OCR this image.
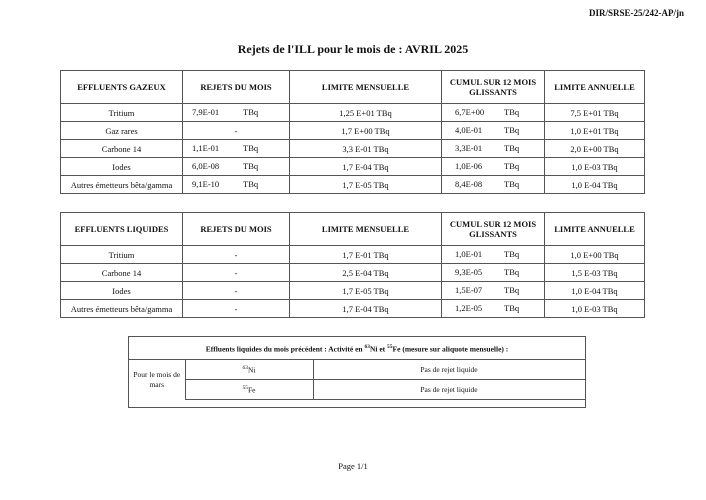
DIR/SRSE-25/242-AP/jn
Rejets de l'ILL pour le mois de : AVRIL 2025
EFFLUENTS GAZEUX	REJETS DU MOIS	LIMITE MENSUELLE	CUMUL SUR 12 MOIS GLISSANTS	LIMITE ANNUELLE
Tritium	7,9E-01 TBq	1,25 E+01 TBq	6,7E+00 TBq	7,5 E+01 TBq
Gaz rares	-	1,7 E+00 TBq	4,0E-01 TBq	1,0 E+01 TBq
Carbone 14	1,1E-01 TBq	3,3 E-01 TBq	3,3E-01 TBq	2,0 E+00 TBq
Iodes	6,0E-08 TBq	1,7 E-04 TBq	1,0E-06 TBq	1,0 E-03 TBq
Autres émetteurs bêta/gamma	9,1E-10 TBq	1,7 E-05 TBq	8,4E-08 TBq	1,0 E-04 TBq
EFFLUENTS LIQUIDES	REJETS DU MOIS	LIMITE MENSUELLE	CUMUL SUR 12 MOIS GLISSANTS	LIMITE ANNUELLE
Tritium	-	1,7 E-01 TBq	1,0E-01 TBq	1,0 E+00 TBq
Carbone 14	-	2,5 E-04 TBq	9,3E-05 TBq	1,5 E-03 TBq
Iodes	-	1,7 E-05 TBq	1,5E-07 TBq	1,0 E-04 TBq
Autres émetteurs bêta/gamma	-	1,7 E-04 TBq	1,2E-05 TBq	1,0 E-03 TBq
Effluents liquides du mois précédent : Activité en $^{63}$Ni et $^{55}$Fe (mesure sur aliquote mensuelle) :
Pour le mois de mars	$^{63}$Ni	Pas de rejet liquide
	$^{55}$Fe	Pas de rejet liquide
Page 1/1
